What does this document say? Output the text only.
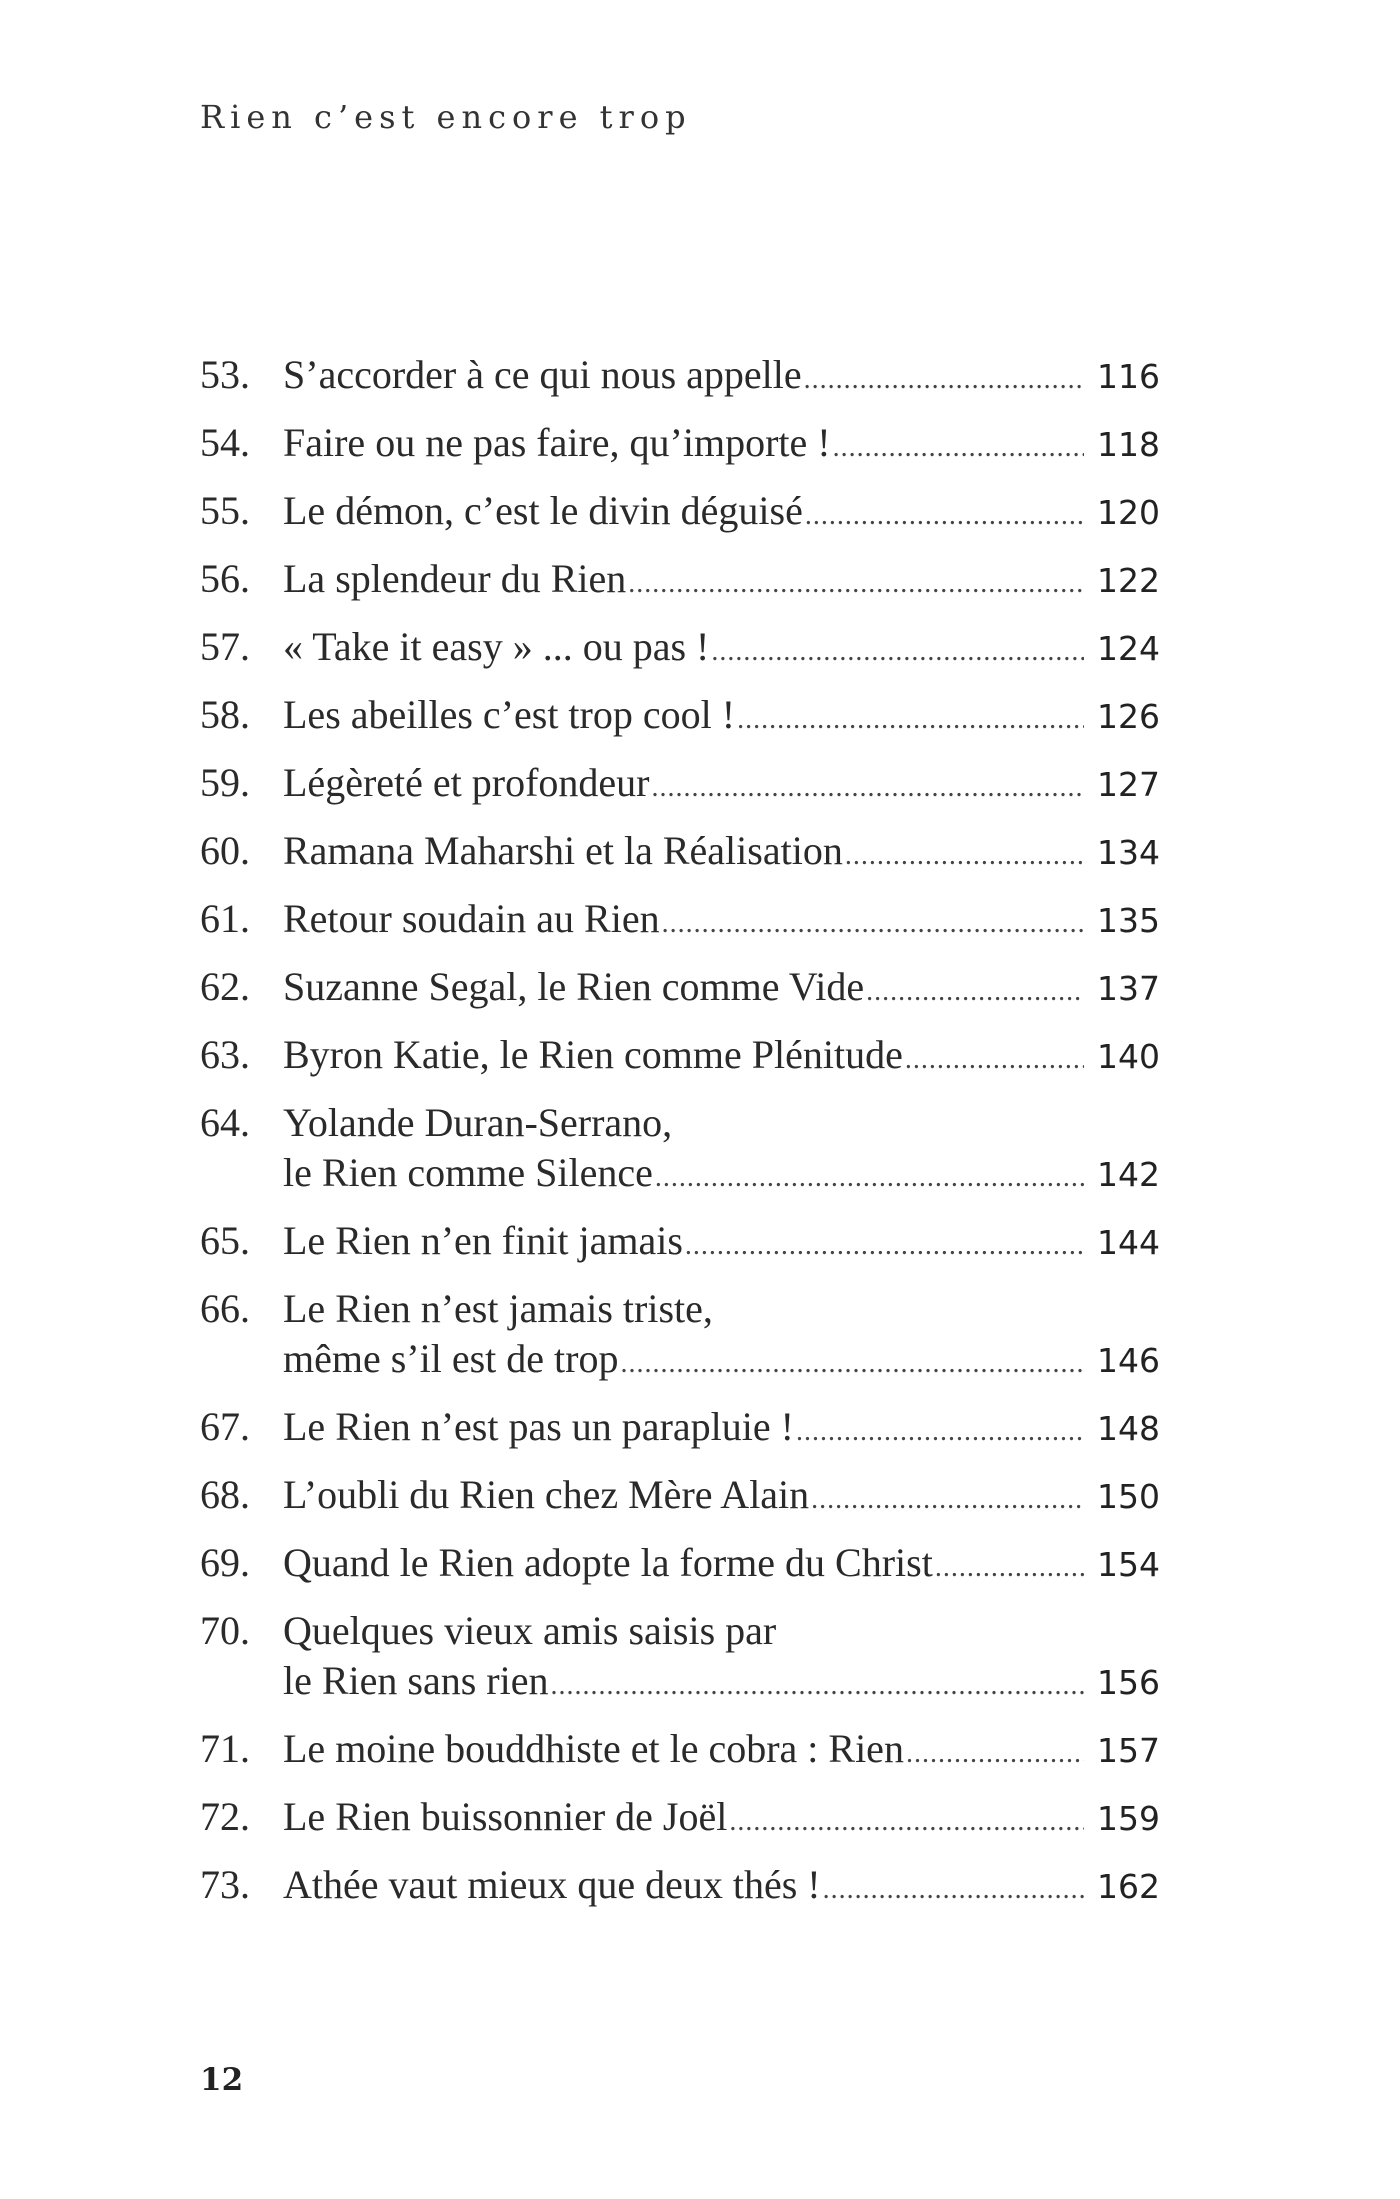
Rien c’est encore trop
53. S’accorder à ce qui nous appelle .....	116
54. Faire ou ne pas faire, qu’importe ! .....	118
55. Le démon, c’est le divin déguisé .....	120
56. La splendeur du Rien .....	122
57. « Take it easy » ... ou pas ! .....	124
58. Les abeilles c’est trop cool ! .....	126
59. Légèreté et profondeur .....	127
60. Ramana Maharshi et la Réalisation .....	134
61. Retour soudain au Rien .....	135
62. Suzanne Segal, le Rien comme Vide .....	137
63. Byron Katie, le Rien comme Plénitude .....	140
64. Yolande Duran-Serrano,
le Rien comme Silence .....	142
65. Le Rien n’en finit jamais .....	144
66. Le Rien n’est jamais triste,
même s’il est de trop .....	146
67. Le Rien n’est pas un parapluie ! .....	148
68. L’oubli du Rien chez Mère Alain .....	150
69. Quand le Rien adopte la forme du Christ .....	154
70. Quelques vieux amis saisis par
le Rien sans rien .....	156
71. Le moine bouddhiste et le cobra : Rien .....	157
72. Le Rien buissonnier de Joël .....	159
73. Athée vaut mieux que deux thés ! .....	162
12
